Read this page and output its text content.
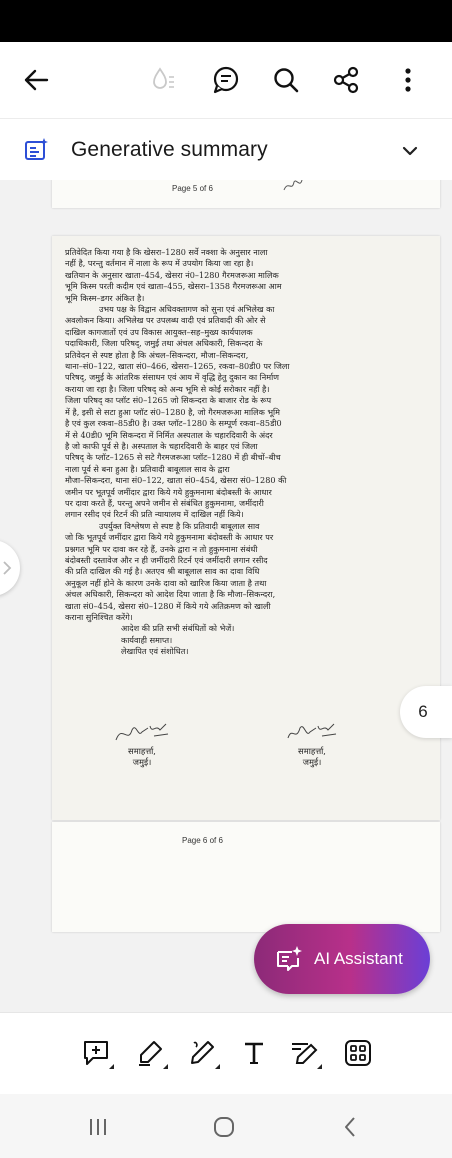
Generative summary
Page 5 of 6
प्रतिवेदित किया गया है कि खेसरा–1280 सर्वे नक्शा के अनुसार नाला
नहीं है, परन्तु वर्तमान में नाला के रूप में उपयोग किया जा रहा है।
खतियान के अनुसार खाता–454, खेसरा नं0–1280 गैरमजरूआ मालिक
भूमि किस्म परती कदीम एवं खाता–455, खेसरा–1358 गैरमजरूआ आम
भूमि किस्म–डगर अंकित है।
उभय पक्ष के विद्वान अधिवक्तागण को सुना एवं अभिलेख का
अवलोकन किया। अभिलेख पर उपलब्ध वादी एवं प्रतिवादी की ओर से
दाखिल कागजातों एवं उप विकास आयुक्त–सह–मुख्य कार्यपालक
पदाधिकारी, जिला परिषद्, जमुई तथा अंचल अधिकारी, सिकन्दरा के
प्रतिवेदन से स्पष्ट होता है कि अंचल–सिकन्दरा, मौजा–सिकन्दरा,
थाना–सं0–122, खाता सं0–466, खेसरा–1265, रकवा–80डी0 पर जिला
परिषद्, जमुई के आंतरिक संसाधन एवं आय में वृद्धि हेतु दुकान का निर्माण
कराया जा रहा है। जिला परिषद् को अन्य भूमि से कोई सरोकार नहीं है।
जिला परिषद् का प्लॉट सं0–1265 जो सिकन्दरा के बाजार रोड के रूप
में है, इसी से सटा हुआ प्लॉट सं0–1280 है, जो गैरमजरूआ मालिक भूमि
है एवं कुल रकवा–85डी0 है। उक्त प्लॉट–1280 के सम्पूर्ण रकवा–85डी0
में से 40डी0 भूमि सिकन्दरा में निर्मित अस्पताल के चहारदिवारी के अंदर
है जो काफी पूर्व से है। अस्पताल के चहारदिवारी के बाहर एवं जिला
परिषद् के प्लॉट–1265 से सटे गैरमजरूआ प्लॉट–1280 में ही बीचों–बीच
नाला पूर्व से बना हुआ है। प्रतिवादी बाबूलाल साव के द्वारा
मौजा–सिकन्दरा, थाना सं0–122, खाता सं0–454, खेसरा सं0–1280 की
जमीन पर भूतपूर्व जमींदार द्वारा किये गये हुकुमनामा बंदोबस्ती के आधार
पर दावा करते हैं, परन्तु अपने जमीन से संबंधित हुकुमनामा, जमींदारी
लगान रसीद एवं रिटर्न की प्रति न्यायालय में दाखिल नहीं किये।
उपर्युक्त विश्लेषण से स्पष्ट है कि प्रतिवादी बाबूलाल साव
जो कि भूतपूर्व जमींदार द्वारा किये गये हुकुमनामा बंदोवस्ती के आधार पर
प्रश्नगत भूमि पर दावा कर रहे हैं, उनके द्वारा न तो हुकुमनामा संबंधी
बंदोबस्ती दस्तावेज और न ही जमींदारी रिटर्न एवं जमींदारी लगान रसीद
की प्रति दाखिल की गई है। अतएव श्री बाबूलाल साव का दावा विधि
अनुकूल नहीं होने के कारण उनके दावा को खारिज किया जाता है तथा
अंचल अधिकारी, सिकन्दरा को आदेश दिया जाता है कि मौजा–सिकन्दरा,
खाता सं0–454, खेसरा सं0–1280 में किये गये अतिक्रमण को खाली
कराना सुनिश्चित करेंगे।
आदेश की प्रति सभी संबंधितों को भेजें।
कार्यवाही समाप्त।
लेखापित एवं संशोधित।
समाहर्त्ता,
जमुई।
समाहर्त्ता,
जमुई।
Page 6 of 6
6
AI Assistant
